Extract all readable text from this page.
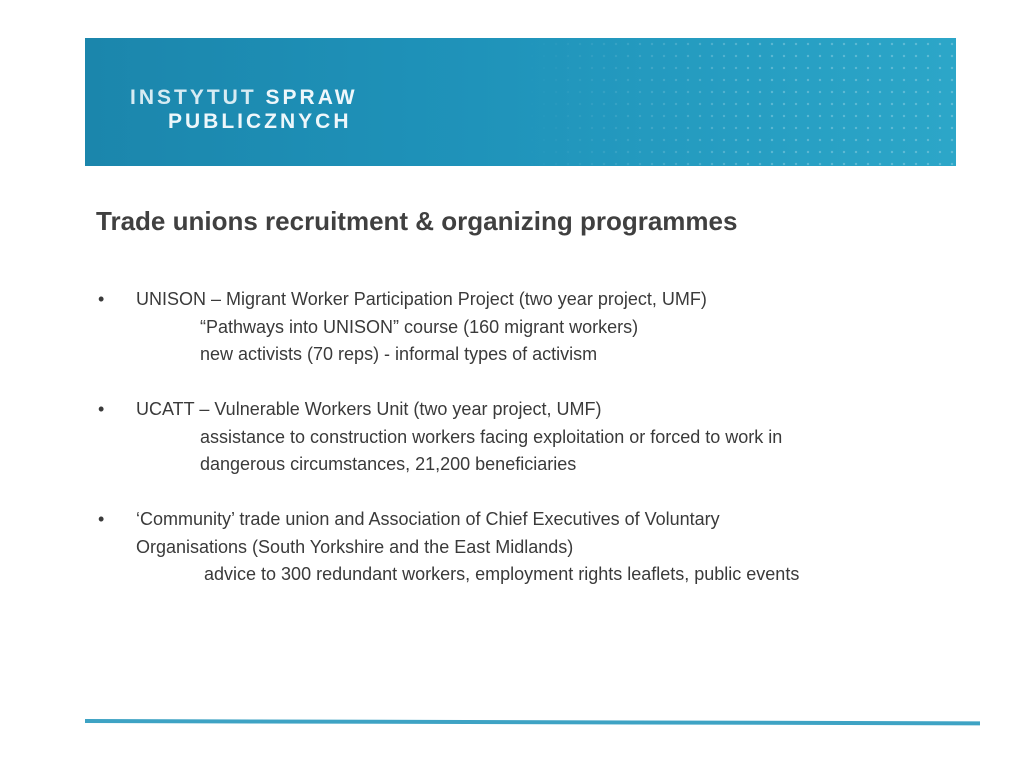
INSTYTUT SPRAW
PUBLICZNYCH
Trade unions recruitment & organizing programmes
• UNISON – Migrant Worker Participation Project (two year project, UMF)
“Pathways into UNISON” course (160 migrant workers)
new activists (70 reps) - informal types of activism
• UCATT – Vulnerable Workers Unit (two year project, UMF)
assistance to construction workers facing exploitation or forced to work in
dangerous circumstances, 21,200 beneficiaries
• ‘Community’ trade union and Association of Chief Executives of Voluntary
Organisations (South Yorkshire and the East Midlands)
advice to 300 redundant workers, employment rights leaflets, public events
